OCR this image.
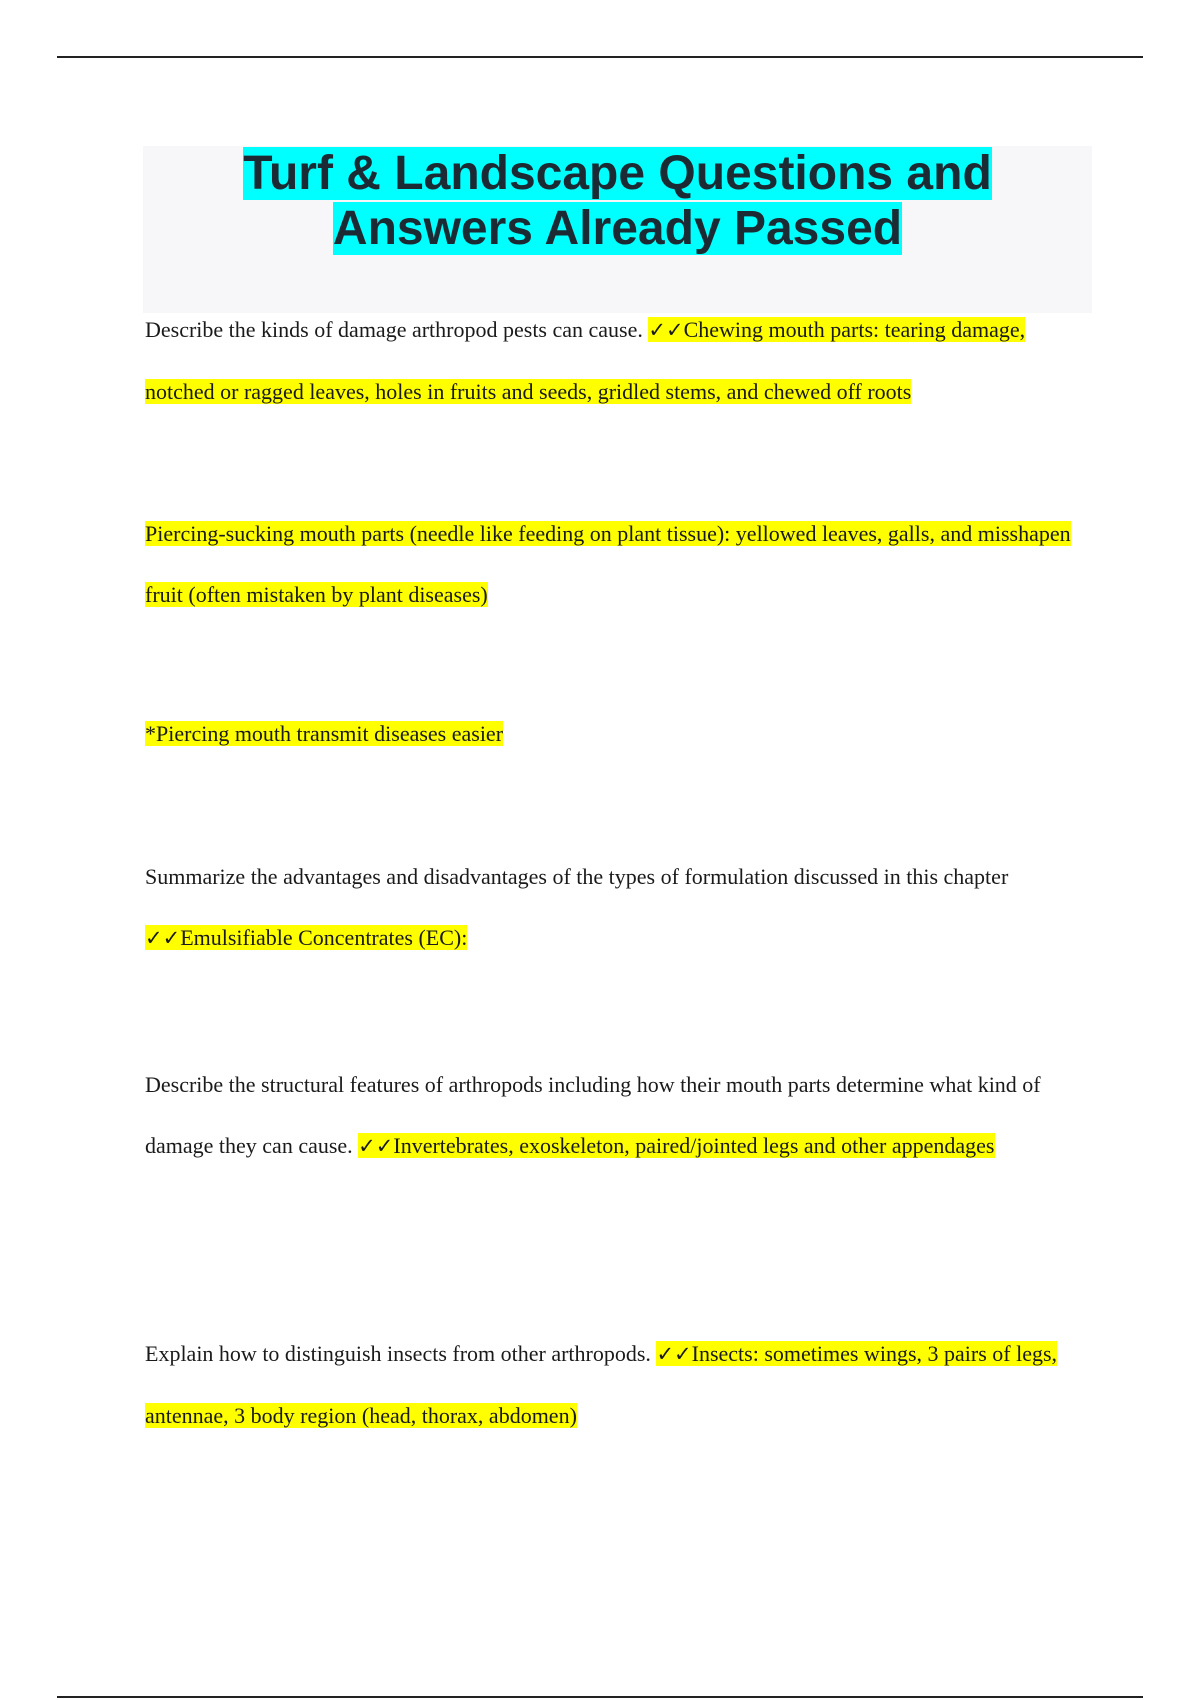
Turf & Landscape Questions and Answers Already Passed

Describe the kinds of damage arthropod pests can cause. ✓✓Chewing mouth parts: tearing damage, notched or ragged leaves, holes in fruits and seeds, gridled stems, and chewed off roots

Piercing-sucking mouth parts (needle like feeding on plant tissue): yellowed leaves, galls, and misshapen fruit (often mistaken by plant diseases)

*Piercing mouth transmit diseases easier

Summarize the advantages and disadvantages of the types of formulation discussed in this chapter ✓✓Emulsifiable Concentrates (EC):

Describe the structural features of arthropods including how their mouth parts determine what kind of damage they can cause. ✓✓Invertebrates, exoskeleton, paired/jointed legs and other appendages

Explain how to distinguish insects from other arthropods. ✓✓Insects: sometimes wings, 3 pairs of legs, antennae, 3 body region (head, thorax, abdomen)
